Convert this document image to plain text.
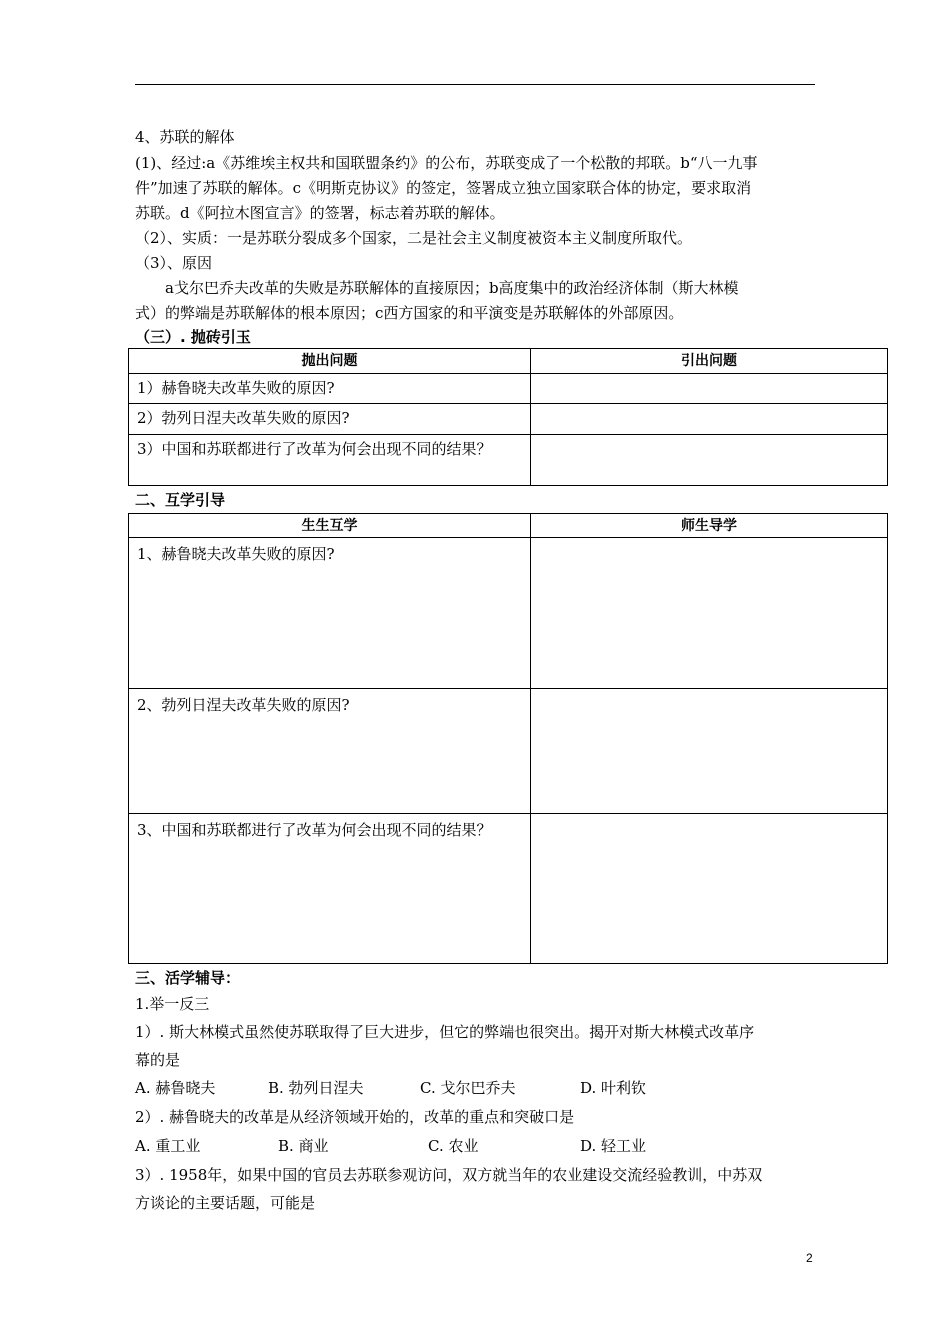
4、苏联的解体
(1)、经过:a《苏维埃主权共和国联盟条约》的公布，苏联变成了一个松散的邦联。b“八一九事
件”加速了苏联的解体。c《明斯克协议》的签定，签署成立独立国家联合体的协定，要求取消
苏联。d《阿拉木图宣言》的签署，标志着苏联的解体。
（2）、实质：一是苏联分裂成多个国家，二是社会主义制度被资本主义制度所取代。
（3）、原因
a戈尔巴乔夫改革的失败是苏联解体的直接原因；b高度集中的政治经济体制（斯大林模
式）的弊端是苏联解体的根本原因；c西方国家的和平演变是苏联解体的外部原因。
（三）. 抛砖引玉
抛出问题	引出问题
1）赫鲁晓夫改革失败的原因?	
2）勃列日涅夫改革失败的原因?	
3）中国和苏联都进行了改革为何会出现不同的结果？	
二、互学引导
生生互学	师生导学
1、赫鲁晓夫改革失败的原因?	
2、勃列日涅夫改革失败的原因?	
3、中国和苏联都进行了改革为何会出现不同的结果？	
三、活学辅导：
1.举一反三
1）. 斯大林模式虽然使苏联取得了巨大进步，但它的弊端也很突出。揭开对斯大林模式改革序
幕的是
A. 赫鲁晓夫	B. 勃列日涅夫	C. 戈尔巴乔夫	D. 叶利钦
2）. 赫鲁晓夫的改革是从经济领域开始的，改革的重点和突破口是
A. 重工业	B. 商业	C. 农业	D. 轻工业
3）. 1958年，如果中国的官员去苏联参观访问，双方就当年的农业建设交流经验教训，中苏双
方谈论的主要话题，可能是
2
